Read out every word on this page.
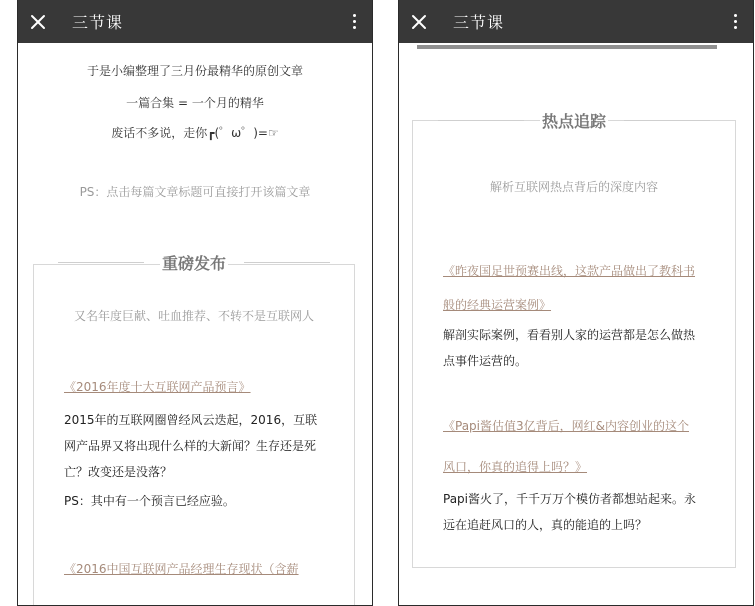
三节课
于是小编整理了三月份最精华的原创文章
一篇合集 = 一个月的精华
废话不多说，走你┏(゜ω゜)=☞
PS：点击每篇文章标题可直接打开该篇文章
重磅发布
又名年度巨献、吐血推荐、不转不是互联网人
《2016年度十大互联网产品预言》
2015年的互联网圈曾经风云迭起，2016，互联
网产品界又将出现什么样的大新闻？生存还是死
亡？改变还是没落？
PS：其中有一个预言已经应验。
《2016中国互联网产品经理生存现状（含薪
三节课
热点追踪
解析互联网热点背后的深度内容
《昨夜国足世预赛出线，这款产品做出了教科书
般的经典运营案例》
解剖实际案例，看看别人家的运营都是怎么做热
点事件运营的。
《Papi酱估值3亿背后，网红&内容创业的这个
风口，你真的追得上吗？》
Papi酱火了，千千万万个模仿者都想站起来。永
远在追赶风口的人，真的能追的上吗？
